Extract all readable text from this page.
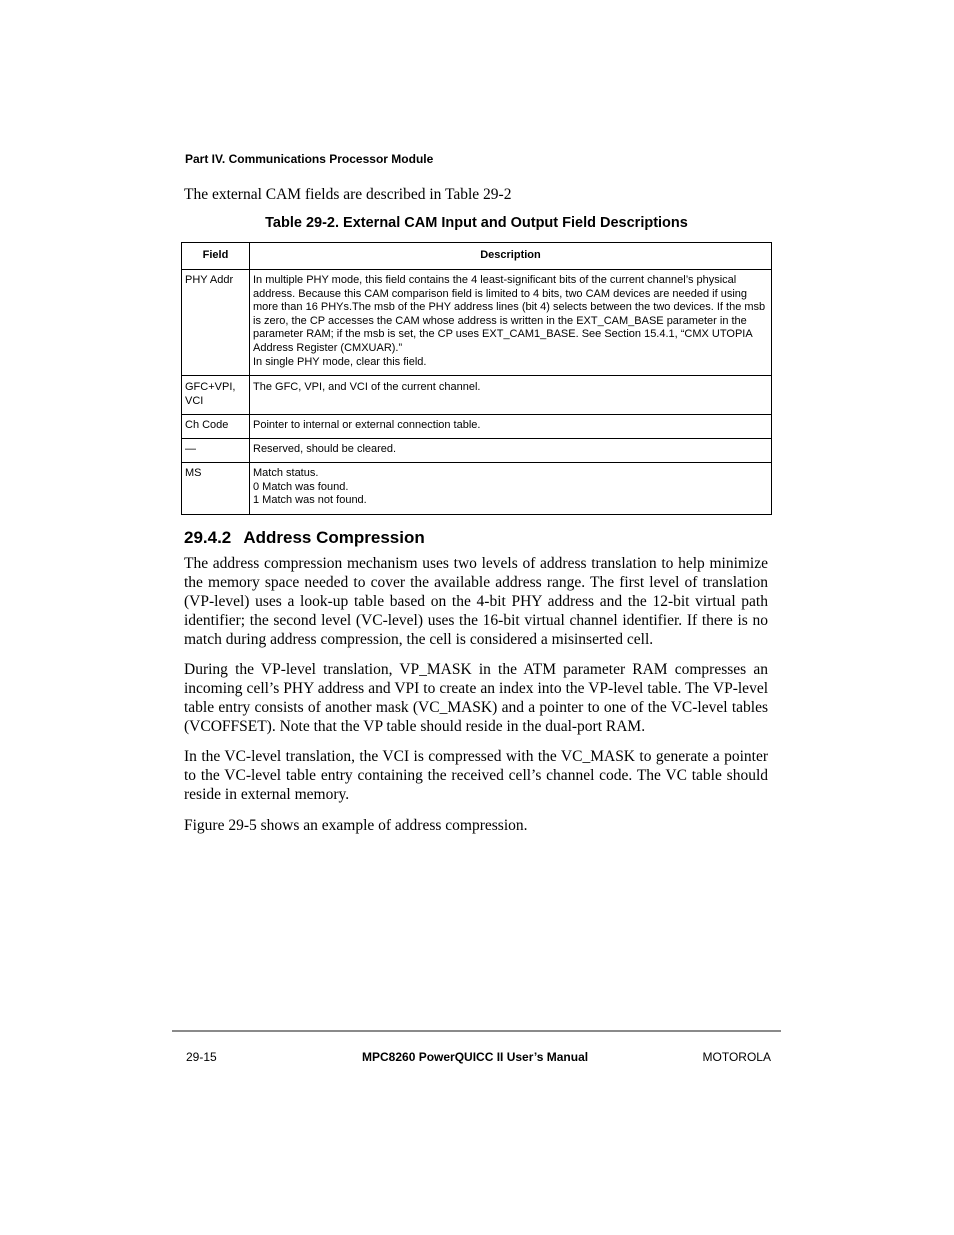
Part IV. Communications Processor Module
The external CAM fields are described in Table 29-2
Table 29-2. External CAM Input and Output Field Descriptions
Field	Description
PHY Addr	In multiple PHY mode, this field contains the 4 least-significant bits of the current channel’s physical address. Because this CAM comparison field is limited to 4 bits, two CAM devices are needed if using more than 16 PHYs.The msb of the PHY address lines (bit 4) selects between the two devices. If the msb is zero, the CP accesses the CAM whose address is written in the EXT_CAM_BASE parameter in the parameter RAM; if the msb is set, the CP uses EXT_CAM1_BASE. See Section 15.4.1, “CMX UTOPIA Address Register (CMXUAR).”
In single PHY mode, clear this field.

GFC+VPI, VCI	The GFC, VPI, and VCI of the current channel.

Ch Code	Pointer to internal or external connection table.

—	Reserved, should be cleared.

MS	Match status.
0 Match was found.
1 Match was not found.
29.4.2 Address Compression

The address compression mechanism uses two levels of address translation to help minimize the memory space needed to cover the available address range. The first level of translation (VP-level) uses a look-up table based on the 4-bit PHY address and the 12-bit virtual path identifier; the second level (VC-level) uses the 16-bit virtual channel identifier. If there is no match during address compression, the cell is considered a misinserted cell.

During the VP-level translation, VP_MASK in the ATM parameter RAM compresses an incoming cell’s PHY address and VPI to create an index into the VP-level table. The VP-level table entry consists of another mask (VC_MASK) and a pointer to one of the VC-level tables (VCOFFSET). Note that the VP table should reside in the dual-port RAM.

In the VC-level translation, the VCI is compressed with the VC_MASK to generate a pointer to the VC-level table entry containing the received cell’s channel code. The VC table should reside in external memory.

Figure 29-5 shows an example of address compression.

29-15	MPC8260 PowerQUICC II User’s Manual	MOTOROLA
